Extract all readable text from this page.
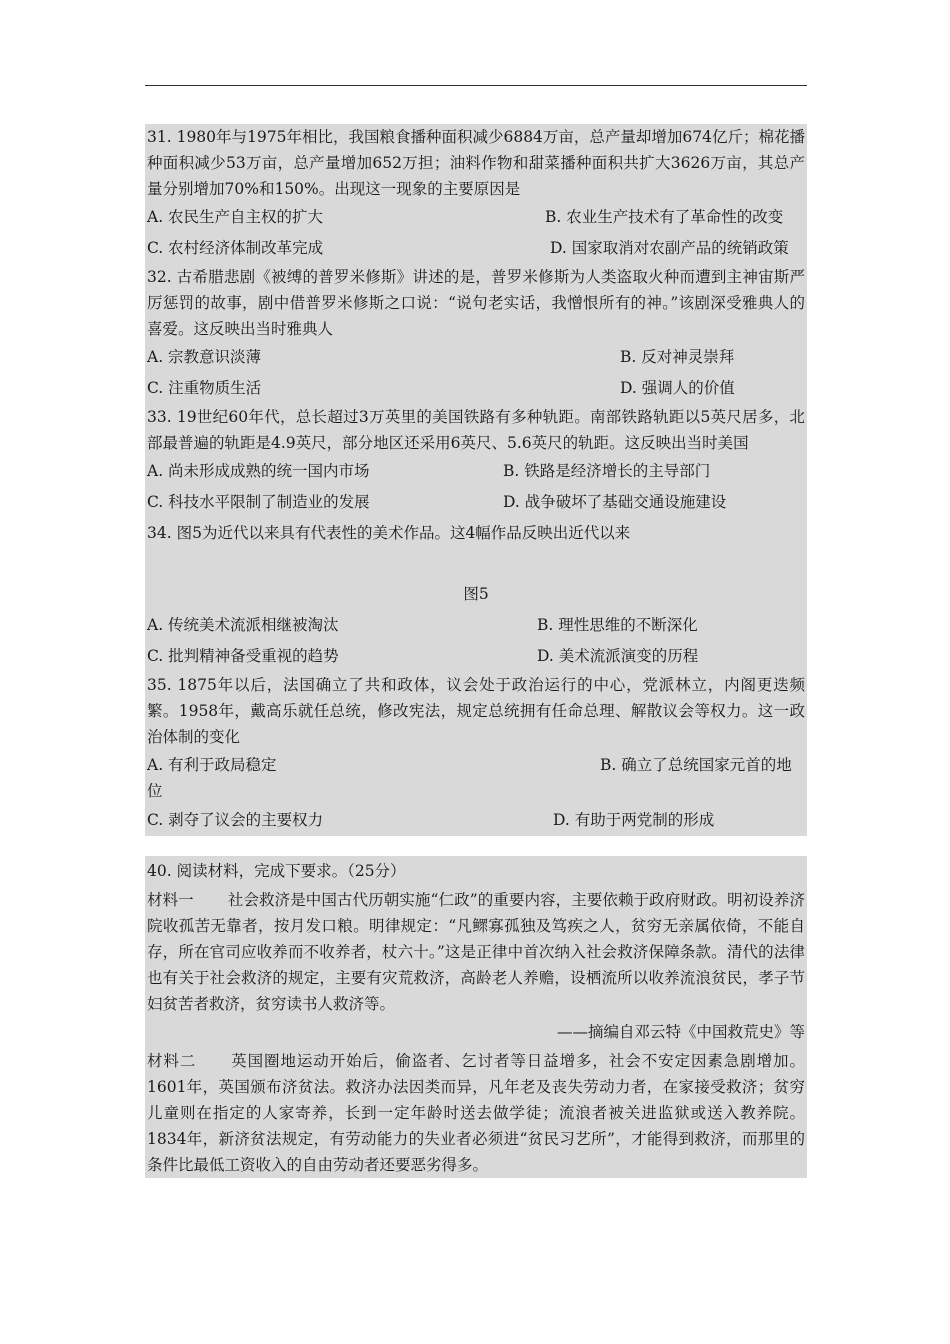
31. 1980年与1975年相比，我国粮食播种面积减少6884万亩，总产量却增加674亿斤；棉花播种面积减少53万亩，总产量增加652万担；油料作物和甜菜播种面积共扩大3626万亩，其总产量分别增加70%和150%。出现这一现象的主要原因是

A. 农民生产自主权的扩大	B. 农业生产技术有了革命性的改变
C. 农村经济体制改革完成	D. 国家取消对农副产品的统销政策

32. 古希腊悲剧《被缚的普罗米修斯》讲述的是，普罗米修斯为人类盗取火种而遭到主神宙斯严厉惩罚的故事，剧中借普罗米修斯之口说：“说句老实话，我憎恨所有的神。”该剧深受雅典人的喜爱。这反映出当时雅典人

A. 宗教意识淡薄	B. 反对神灵崇拜
C. 注重物质生活	D. 强调人的价值

33. 19世纪60年代，总长超过3万英里的美国铁路有多种轨距。南部铁路轨距以5英尺居多，北部最普遍的轨距是4.9英尺，部分地区还采用6英尺、5.6英尺的轨距。这反映出当时美国

A. 尚未形成成熟的统一国内市场	B. 铁路是经济增长的主导部门
C. 科技水平限制了制造业的发展	D. 战争破坏了基础交通设施建设
34. 图5为近代以来具有代表性的美术作品。这4幅作品反映出近代以来
图5
A. 传统美术流派相继被淘汰	B. 理性思维的不断深化
C. 批判精神备受重视的趋势	D. 美术流派演变的历程

35. 1875年以后，法国确立了共和政体，议会处于政治运行的中心，党派林立，内阁更迭频繁。1958年，戴高乐就任总统，修改宪法，规定总统拥有任命总理、解散议会等权力。这一政治体制的变化

A. 有利于政局稳定	B. 确立了总统国家元首的地
位
C. 剥夺了议会的主要权力	D. 有助于两党制的形成
40. 阅读材料，完成下要求。（25分）

材料一 社会救济是中国古代历朝实施“仁政”的重要内容，主要依赖于政府财政。明初设养济院收孤苦无靠者，按月发口粮。明律规定：“凡鳏寡孤独及笃疾之人，贫穷无亲属依倚，不能自存，所在官司应收养而不收养者，杖六十。”这是正律中首次纳入社会救济保障条款。清代的法律也有关于社会救济的规定，主要有灾荒救济，高龄老人养赡，设栖流所以收养流浪贫民，孝子节妇贫苦者救济，贫穷读书人救济等。

——摘编自邓云特《中国救荒史》等

材料二 英国圈地运动开始后，偷盗者、乞讨者等日益增多，社会不安定因素急剧增加。1601年，英国颁布济贫法。救济办法因类而异，凡年老及丧失劳动力者，在家接受救济；贫穷儿童则在指定的人家寄养，长到一定年龄时送去做学徒；流浪者被关进监狱或送入教养院。1834年，新济贫法规定，有劳动能力的失业者必须进“贫民习艺所”，才能得到救济，而那里的条件比最低工资收入的自由劳动者还要恶劣得多。
